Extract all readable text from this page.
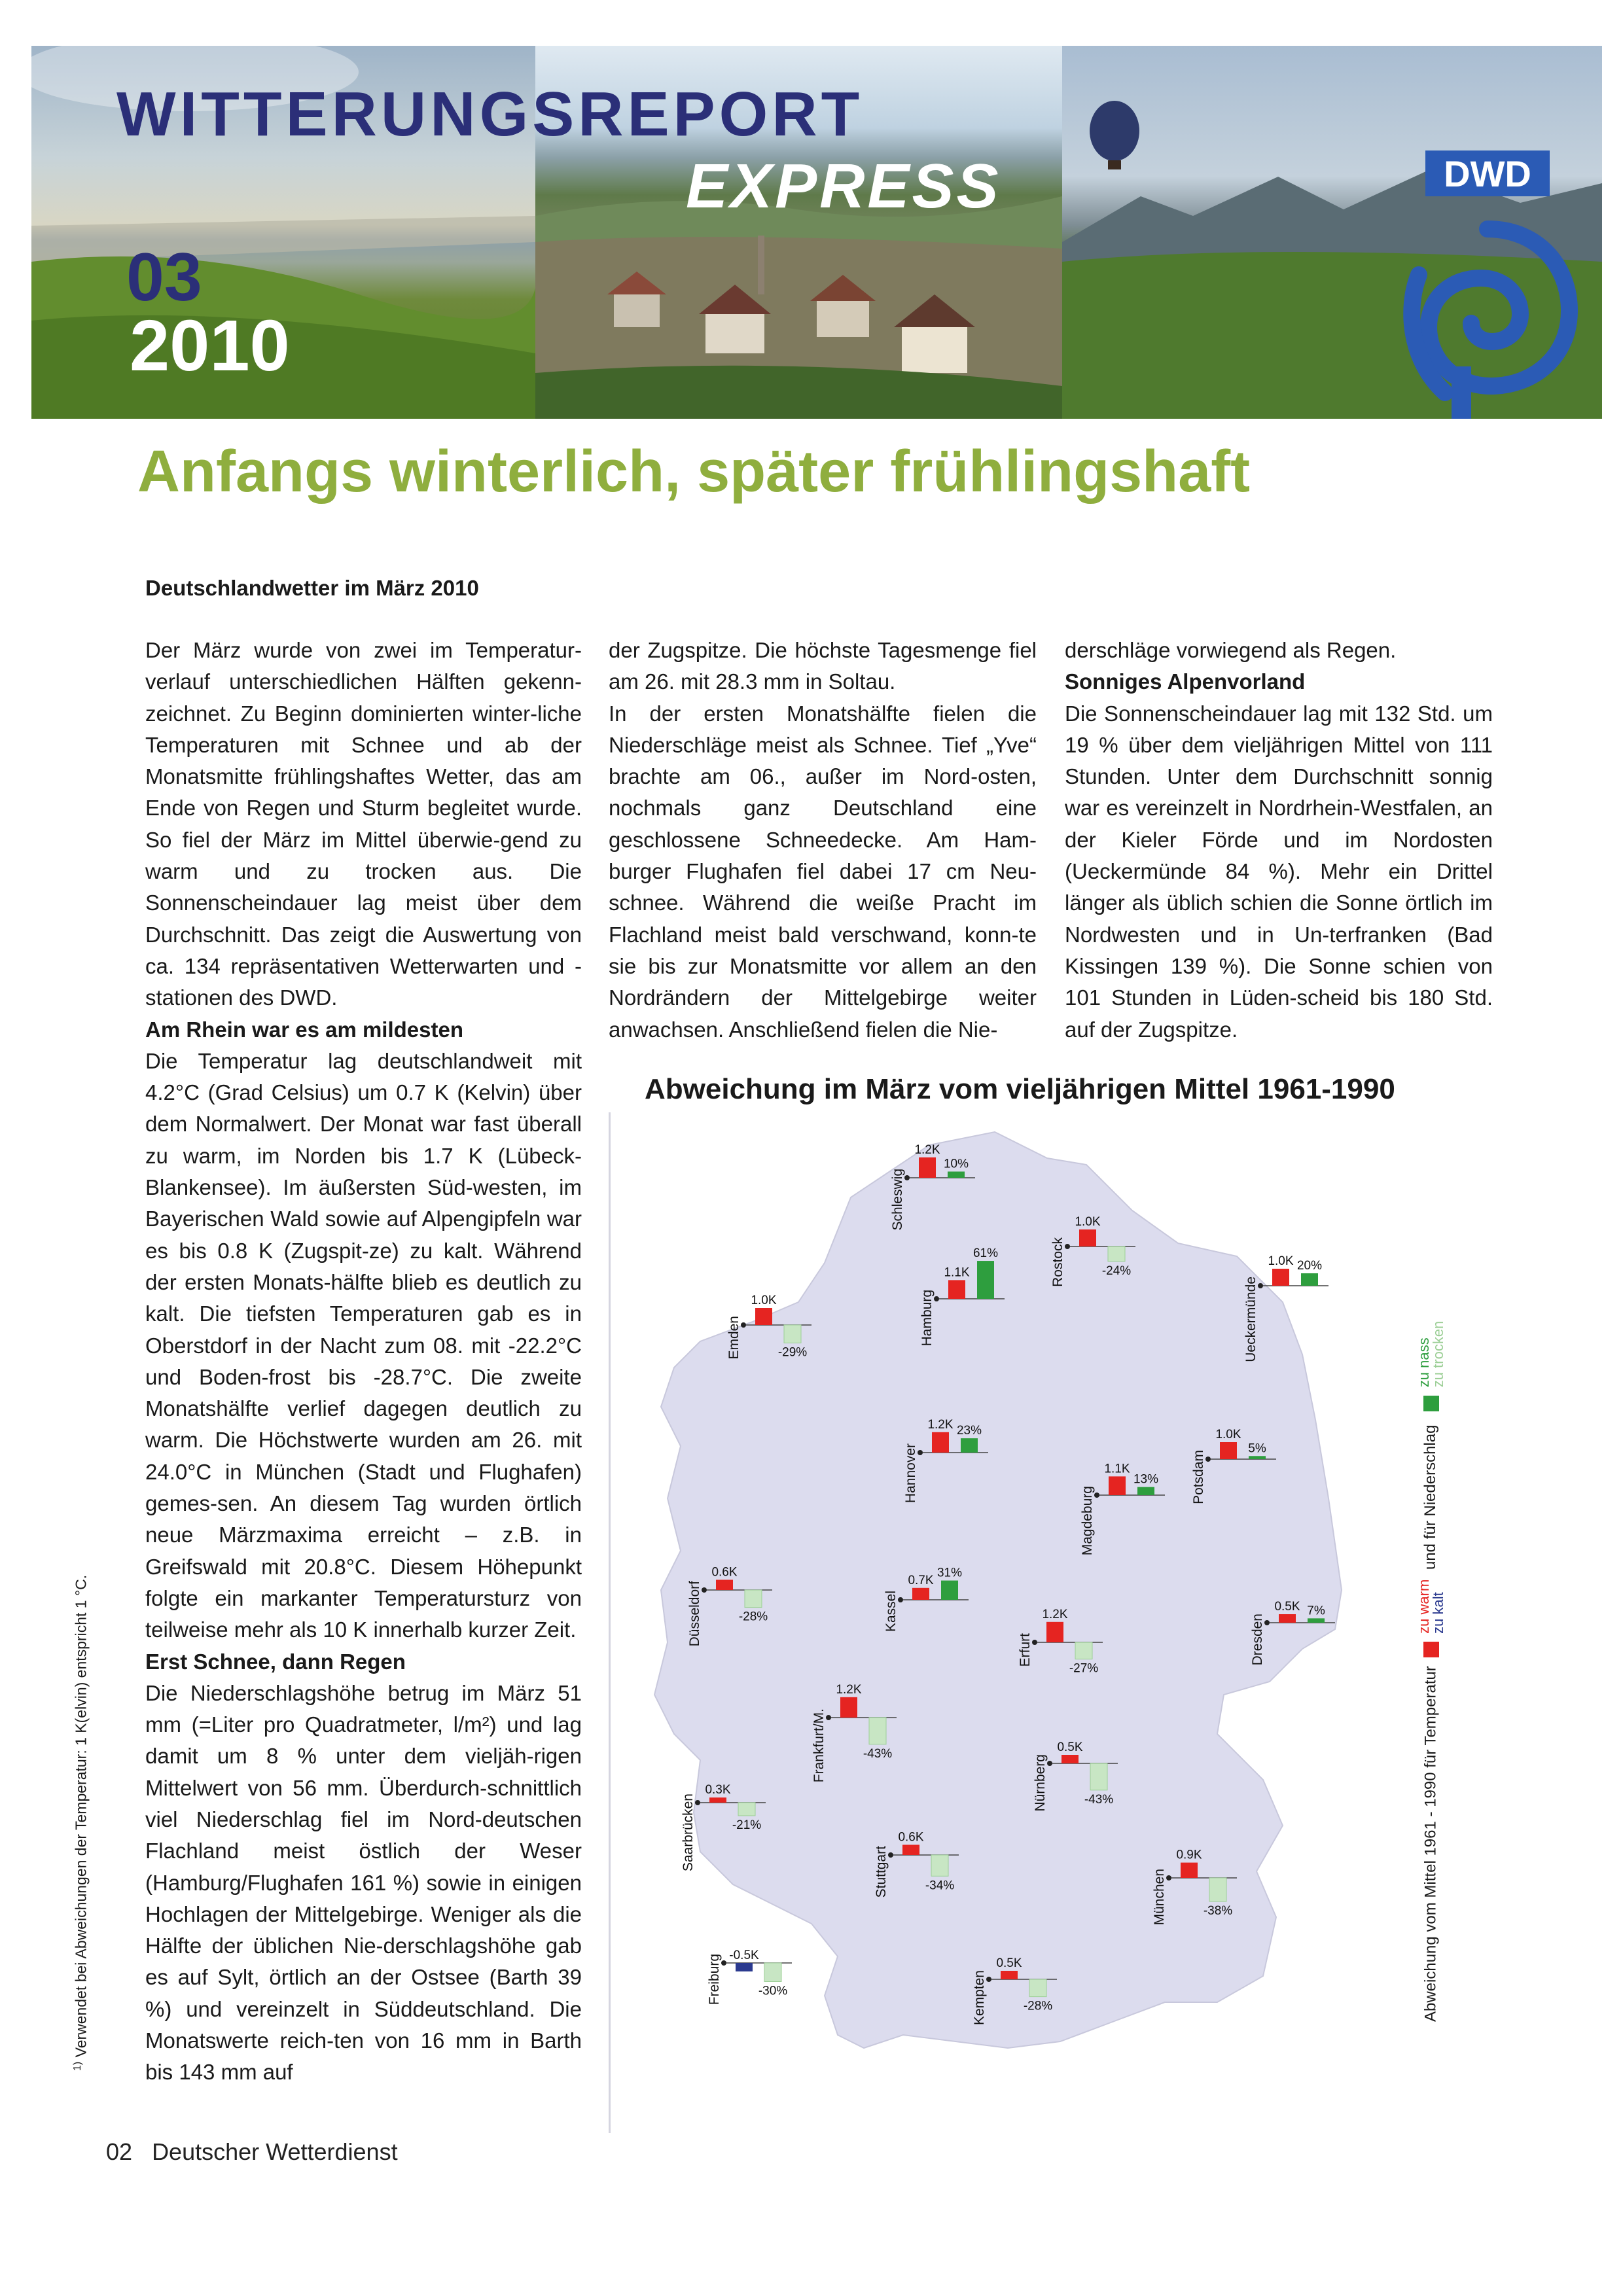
WITTERUNGSREPORT
EXPRESS
03
2010
DWD
Anfangs winterlich, später frühlingshaft
Deutschlandwetter im März 2010

Der März wurde von zwei im Temperatur-verlauf unterschiedlichen Hälften gekenn-zeichnet. Zu Beginn dominierten winter-liche Temperaturen mit Schnee und ab der Monatsmitte frühlingshaftes Wetter, das am Ende von Regen und Sturm begleitet wurde. So fiel der März im Mittel überwie-gend zu warm und zu trocken aus. Die Sonnenscheindauer lag meist über dem Durchschnitt. Das zeigt die Auswertung von ca. 134 repräsentativen Wetterwarten und -stationen des DWD.

Am Rhein war es am mildesten

Die Temperatur lag deutschlandweit mit 4.2°C (Grad Celsius) um 0.7 K (Kelvin) über dem Normalwert. Der Monat war fast überall zu warm, im Norden bis 1.7 K (Lübeck-Blankensee). Im äußersten Süd-westen, im Bayerischen Wald sowie auf Alpengipfeln war es bis 0.8 K (Zugspit-ze) zu kalt. Während der ersten Monats-hälfte blieb es deutlich zu kalt. Die tiefsten Temperaturen gab es in Oberstdorf in der Nacht zum 08. mit -22.2°C und Boden-frost bis -28.7°C. Die zweite Monatshälfte verlief dagegen deutlich zu warm. Die Höchstwerte wurden am 26. mit 24.0°C in München (Stadt und Flughafen) gemes-sen. An diesem Tag wurden örtlich neue Märzmaxima erreicht – z.B. in Greifswald mit 20.8°C. Diesem Höhepunkt folgte ein markanter Temperatursturz von teilweise mehr als 10 K innerhalb kurzer Zeit.

Erst Schnee, dann Regen

Die Niederschlagshöhe betrug im März 51 mm (=Liter pro Quadratmeter, l/m²) und lag damit um 8 % unter dem vieljäh-rigen Mittelwert von 56 mm. Überdurch-schnittlich viel Niederschlag fiel im Nord-deutschen Flachland meist östlich der Weser (Hamburg/Flughafen 161 %) sowie in einigen Hochlagen der Mittelgebirge. Weniger als die Hälfte der üblichen Nie-derschlagshöhe gab es auf Sylt, örtlich an der Ostsee (Barth 39 %) und vereinzelt in Süddeutschland. Die Monatswerte reich-ten von 16 mm in Barth bis 143 mm auf

der Zugspitze. Die höchste Tagesmenge fiel am 26. mit 28.3 mm in Soltau.

In der ersten Monatshälfte fielen die Niederschläge meist als Schnee. Tief „Yve“ brachte am 06., außer im Nord-osten, nochmals ganz Deutschland eine geschlossene Schneedecke. Am Ham-burger Flughafen fiel dabei 17 cm Neu-schnee. Während die weiße Pracht im Flachland meist bald verschwand, konn-te sie bis zur Monatsmitte vor allem an den Nordrändern der Mittelgebirge weiter anwachsen. Anschließend fielen die Nie-

derschläge vorwiegend als Regen.

Sonniges Alpenvorland

Die Sonnenscheindauer lag mit 132 Std. um 19 % über dem vieljährigen Mittel von 111 Stunden. Unter dem Durchschnitt sonnig war es vereinzelt in Nordrhein-Westfalen, an der Kieler Förde und im Nordosten (Ueckermünde 84 %). Mehr ein Drittel länger als üblich schien die Sonne örtlich im Nordwesten und in Un-terfranken (Bad Kissingen 139 %). Die Sonne schien von 101 Stunden in Lüden-scheid bis 180 Std. auf der Zugspitze.

$^{1)}$ Verwendet bei Abweichungen der Temperatur: 1 K(elvin) entspricht 1 °C.
Abweichung im März vom vieljährigen Mittel 1961-1990
1.2K
10%
Schleswig	1.0K
-24%
Rostock
1.1K
61%
Hamburg
1.0K 20%
Ueckermünde
1.0K
-29%
Emden
1.2K 23%
Hannover
1.0K
5%
Potsdam
1.1K
13%
Magdeburg
0.6K
-28%
Düsseldorf
0.7K
31%
Kassel	0.5K 7%
Dresden
1.2K
-27%
Erfurt
1.2K
-43%
Frankfurt/M.	0.5K
-43%
Nürnberg
0.3K
-21%
Saarbrücken	0.6K
-34%
Stuttgart	0.9K
-38%
München
-0.5K
-30%
Freiburg	0.5K
-28%
Kempten	Abweichung vom Mittel 1961 - 1990 für Temperatur
zu warm
zu kalt
und für Niederschlag
zu nass
zu trocken
02 Deutscher Wetterdienst
